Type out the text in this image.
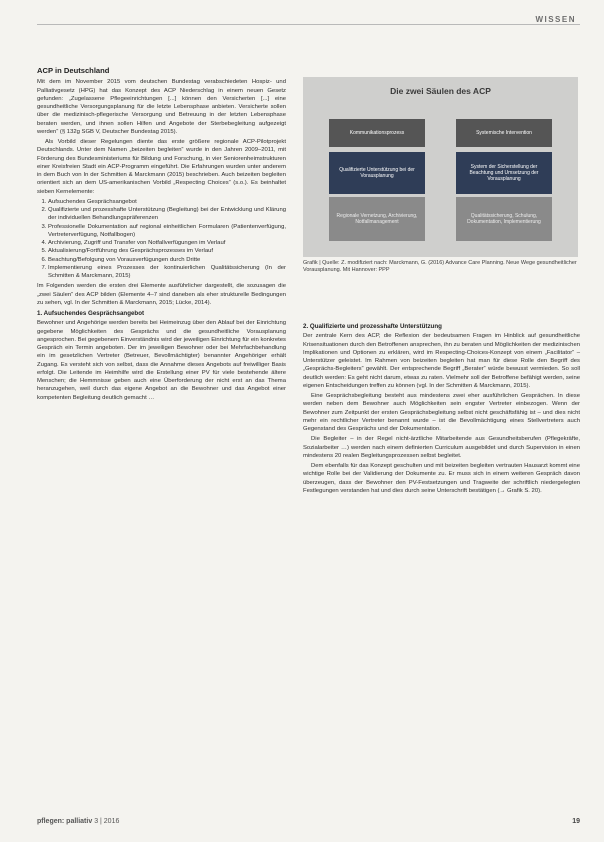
WISSEN
ACP in Deutschland

Mit dem im November 2015 vom deutschen Bundestag verabschiedeten Hospiz- und Palliativgesetz (HPG) hat das Konzept des ACP Niederschlag in einem neuen Gesetz gefunden: „Zugelassene Pflegeeinrichtungen [...] können den Versicherten [...] eine gesundheitliche Versorgungsplanung für die letzte Lebensphase anbieten. Versicherte sollen über die medizinisch-pflegerische Versorgung und Betreuung in der letzten Lebensphase beraten werden, und ihnen sollen Hilfen und Angebote der Sterbebegleitung aufgezeigt werden“ (§ 132g SGB V, Deutscher Bundestag 2015).

Als Vorbild dieser Regelungen diente das erste größere regionale ACP-Pilotprojekt Deutschlands. Unter dem Namen „beizeiten begleiten“ wurde in den Jahren 2009–2011, mit Förderung des Bundesministeriums für Bildung und Forschung, in vier Seniorenheimstrukturen einer Kreisfreien Stadt ein ACP-Programm eingeführt. Die Erfahrungen wurden unter anderem in dem Buch von In der Schmitten & Marckmann (2015) beschrieben. Auch beizeiten begleiten orientiert sich an dem US-amerikanischen Vorbild „Respecting Choices“ (s.o.). Es beinhaltet sieben Kernelemente:

1. Aufsuchendes Gesprächsangebot
2. Qualifizierte und prozesshafte Unterstützung (Begleitung) bei der Entwicklung und Klärung der individuellen Behandlungspräferenzen
3. Professionelle Dokumentation auf regional einheitlichen Formularen (Patientenverfügung, Vertreterverfügung, Notfallbogen)
4. Archivierung, Zugriff und Transfer von Notfallverfügungen im Verlauf
5. Aktualisierung/Fortführung des Gesprächsprozesses im Verlauf
6. Beachtung/Befolgung von Vorausverfügungen durch Dritte
7. Implementierung eines Prozesses der kontinuierlichen Qualitätssicherung (In der Schmitten & Marckmann, 2015)

Im Folgenden werden die ersten drei Elemente ausführlicher dargestellt, die sozusagen die „zwei Säulen“ des ACP bilden (Elemente 4–7 sind daneben als eher strukturelle Bedingungen zu sehen, vgl. In der Schmitten & Marckmann, 2015; Lücke, 2014).

1. Aufsuchendes Gesprächsangebot

Bewohner und Angehörige werden bereits bei Heimeinzug über den Ablauf bei der Einrichtung gegebene Möglichkeiten des Gesprächs und die gesundheitliche Vorausplanung angesprochen. Bei gegebenem Einverständnis wird der jeweiligen Einrichtung für ein konkretes Gespräch ein Termin angeboten. Der im jeweiligen Bewohner oder bei Mehrfachbehandlung ein im gesetzlichen Vertreter (Betreuer, Bevollmächtigter) benannter Angehöriger erhält Zugang. Es versteht sich von selbst, dass die Annahme dieses Angebots auf freiwilliger Basis erfolgt. Die Leitende im Heimhilfe wird die Erstellung einer PV für viele bestehende ältere Menschen; die Hemmnisse geben auch eine Überforderung der nicht erst an das Thema heranzugehen, weil durch das eigene Angebot an die Bewohner und das Angebot einer kompetenten Begleitung deutlich gemacht …

Die zwei Säulen des ACP
Kommunikationsprozess
Qualifizierte Unterstützung bei der Vorausplanung
Regionale Vernetzung, Archivierung, Notfallmanagement
Systemische Intervention
System der Sicherstellung der Beachtung und Umsetzung der Vorausplanung
Qualitätssicherung, Schulung, Dokumentation, Implementierung
Grafik | Quelle: Z. modifiziert nach: Marckmann, G. (2016) Advance Care Planning. Neue Wege gesundheitlicher Vorausplanung. Mit Hannover: PPP
2. Qualifizierte und prozesshafte Unterstützung

Der zentrale Kern des ACP, die Reflexion der bedeutsamen Fragen im Hinblick auf gesundheitliche Krisensituationen durch den Betroffenen ansprechen, ihn zu beraten und Möglichkeiten der medizinischen Implikationen und Optionen zu erklären, wird im Respecting-Choices-Konzept von einem „Facilitator“ – Unterstützer geleistet. Im Rahmen von beizeiten begleiten hat man für diese Rolle den Begriff des „Gesprächs-Begleiters“ gewählt. Der entsprechende Begriff „Berater“ würde bewusst vermieden. So soll deutlich werden: Es geht nicht darum, etwas zu raten. Vielmehr soll der Betroffene befähigt werden, seine eigenen Entscheidungen treffen zu können (vgl. In der Schmitten & Marckmann, 2015).

Eine Gesprächsbegleitung besteht aus mindestens zwei eher ausführlichen Gesprächen. In diese werden neben dem Bewohner auch Möglichkeiten sein engster Vertreter einbezogen. Wenn der Bewohner zum Zeitpunkt der ersten Gesprächsbegleitung selbst nicht geschäftsfähig ist – und dies nicht mehr ein rechtlicher Vertreter benannt wurde – ist die Bevollmächtigung eines Stellvertreters auch Gegenstand des Gesprächs und der Dokumentation.

Die Begleiter – in der Regel nicht-ärztliche Mitarbeitende aus Gesundheitsberufen (Pflegekräfte, Sozialarbeiter …) werden nach einem definierten Curriculum ausgebildet und durch Supervision in einen mindestens 20 realen Begleitungsprozessen selbst begleitet.

Dem ebenfalls für das Konzept geschulten und mit beizeiten begleiten vertrauten Hausarzt kommt eine wichtige Rolle bei der Validierung der Dokumente zu. Er muss sich in einem weiteren Gespräch davon überzeugen, dass der Bewohner den PV-Festsetzungen und Tragweite der schriftlich niedergelegten Festlegungen verstanden hat und dies durch seine Unterschrift bestätigen (→ Grafik S. 20).

pflegen: palliativ 3 | 2016	19
